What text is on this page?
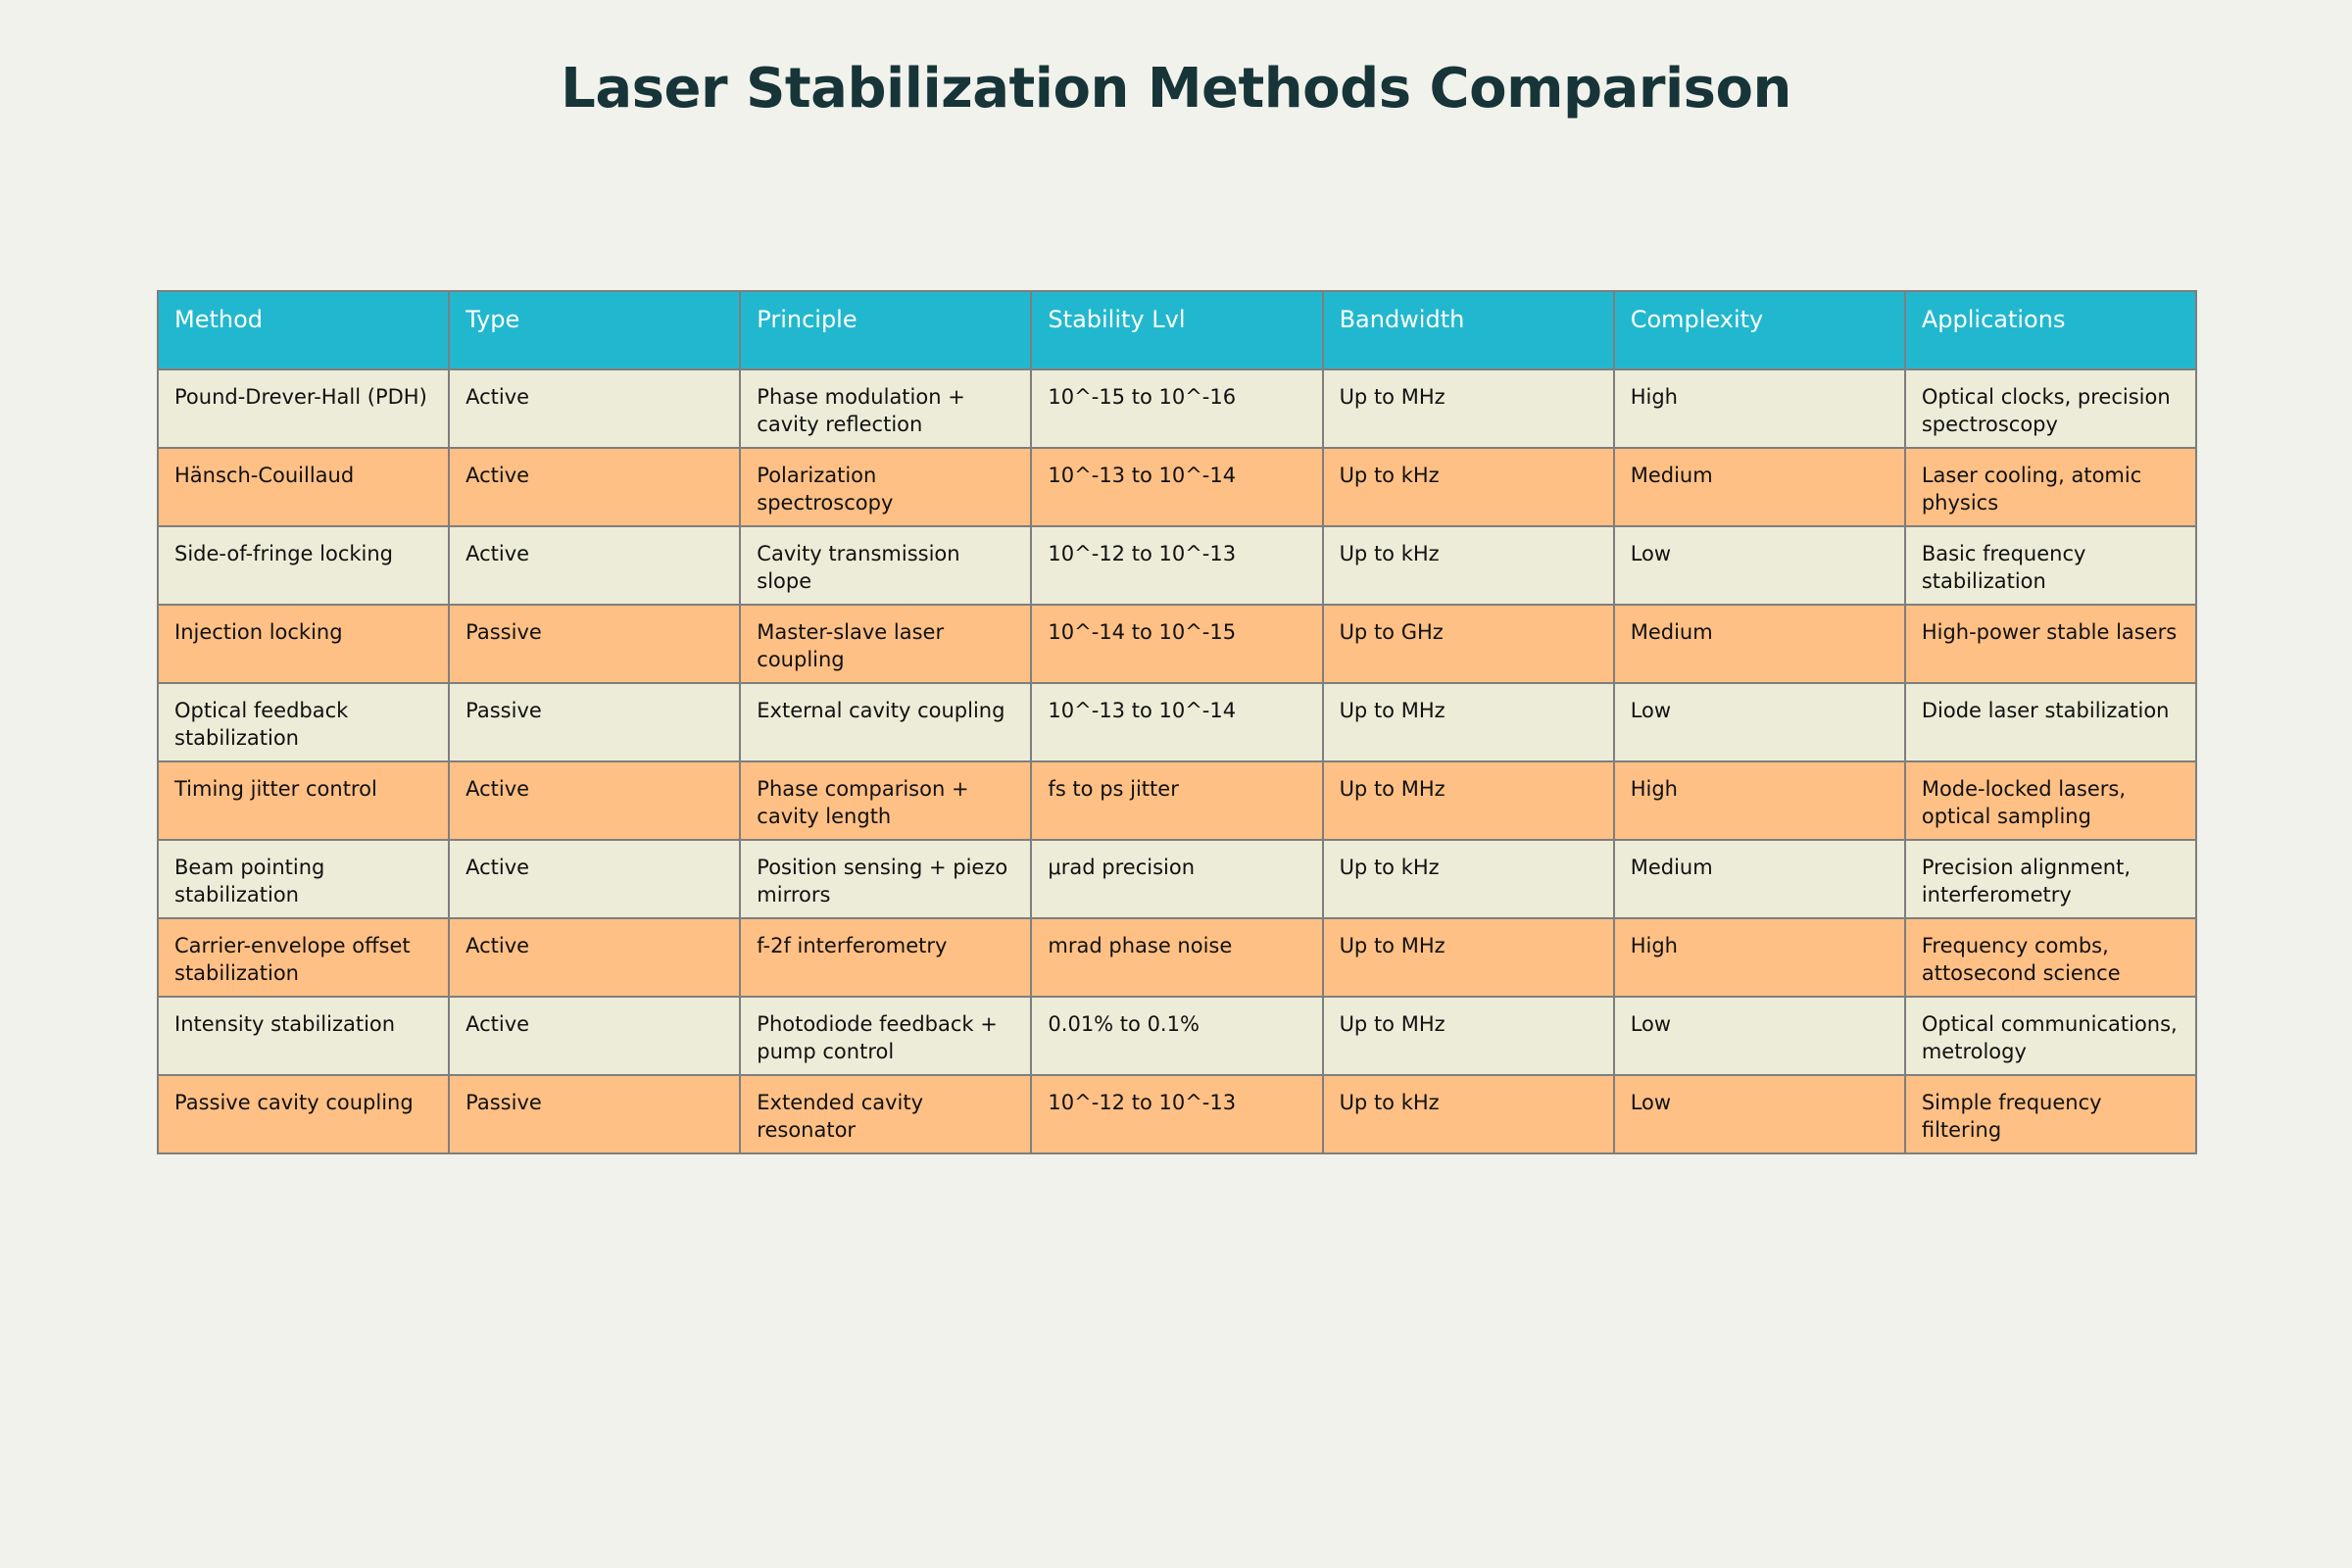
Laser Stabilization Methods Comparison
Method	Type	Principle	Stability Lvl	Bandwidth	Complexity	Applications
Pound-Drever-Hall (PDH)	Active	Phase modulation + cavity reflection	10^-15 to 10^-16	Up to MHz	High	Optical clocks, precision spectroscopy
Hänsch-Couillaud	Active	Polarization spectroscopy	10^-13 to 10^-14	Up to kHz	Medium	Laser cooling, atomic physics
Side-of-fringe locking	Active	Cavity transmission slope	10^-12 to 10^-13	Up to kHz	Low	Basic frequency stabilization
Injection locking	Passive	Master-slave laser coupling	10^-14 to 10^-15	Up to GHz	Medium	High-power stable lasers
Optical feedback stabilization	Passive	External cavity coupling	10^-13 to 10^-14	Up to MHz	Low	Diode laser stabilization
Timing jitter control	Active	Phase comparison + cavity length	fs to ps jitter	Up to MHz	High	Mode-locked lasers, optical sampling
Beam pointing stabilization	Active	Position sensing + piezo mirrors	μrad precision	Up to kHz	Medium	Precision alignment, interferometry
Carrier-envelope offset stabilization	Active	f-2f interferometry	mrad phase noise	Up to MHz	High	Frequency combs, attosecond science
Intensity stabilization	Active	Photodiode feedback + pump control	0.01% to 0.1%	Up to MHz	Low	Optical communications, metrology
Passive cavity coupling	Passive	Extended cavity resonator	10^-12 to 10^-13	Up to kHz	Low	Simple frequency filtering
